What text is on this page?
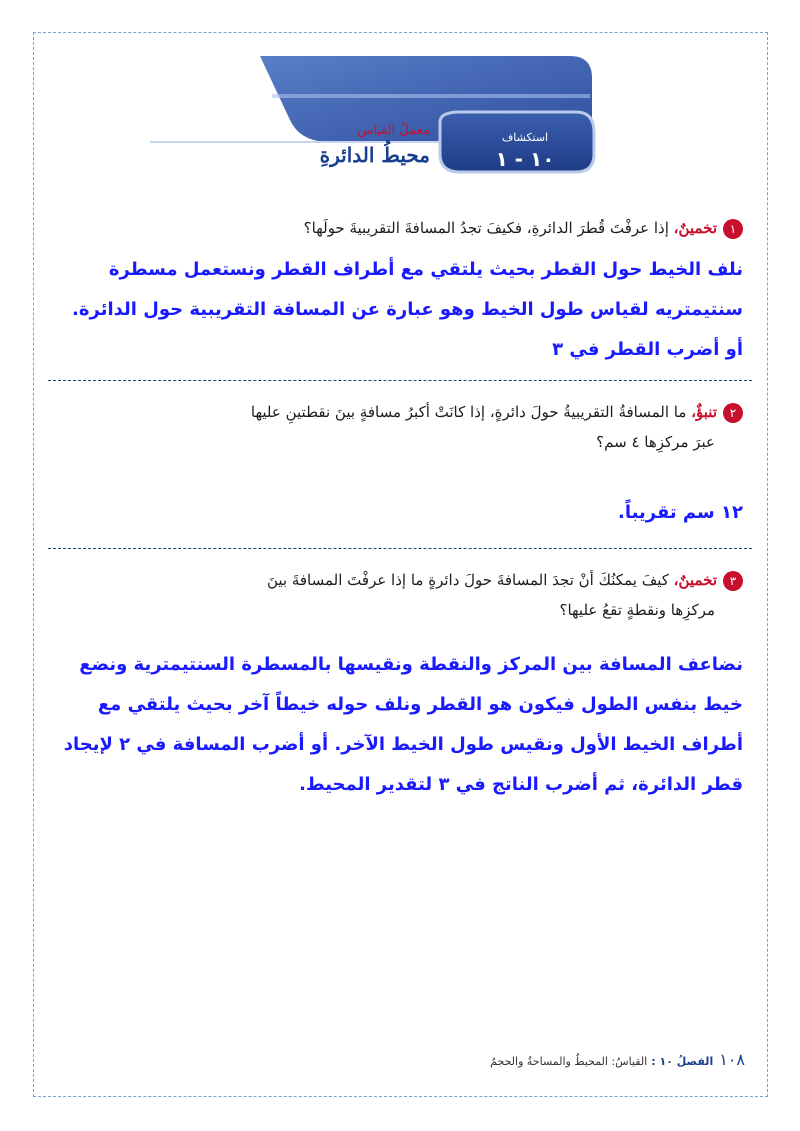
معملُ القياس
محيطُ الدائرةِ
استكشاف
١٠ - ١
١تخمينٌ، إذا عرفْتَ قُطرَ الدائرةِ، فكيفَ تجدُ المسافةَ التقريبيةَ حولَها؟
نلف الخيط حول القطر بحيث يلتقي مع أطراف القطر ونستعمل مسطرة سنتيمتريه لقياس طول الخيط وهو عبارة عن المسافة التقريبية حول الدائرة. أو أضرب القطر في ٣
٢تنبؤٌ، ما المسافةُ التقريبيةُ حولَ دائرةٍ، إذا كانَتْ أكبرُ مسافةٍ بينَ نقطتينِ عليها
عبرَ مركزِها ٤ سم؟
١٢ سم تقريباً.
٣تخمينٌ، كيفَ يمكنُكَ أنْ تجدَ المسافةَ حولَ دائرةٍ ما إذا عرفْتَ المسافةَ بينَ
مركزِها ونقطةٍ تقعُ عليها؟
نضاعف المسافة بين المركز والنقطة ونقيسها بالمسطرة السنتيمترية ونضع خيط بنفس الطول فيكون هو القطر ونلف حوله خيطاً آخر بحيث يلتقي مع أطراف الخيط الأول ونقيس طول الخيط الآخر. أو أضرب المسافة في ٢ لإيجاد قطر الدائرة، ثم أضرب الناتج في ٣ لتقدير المحيط.
١٠٨الفصلُ ١٠ :القياسُ: المحيطُ والمساحةُ والحجمُ
